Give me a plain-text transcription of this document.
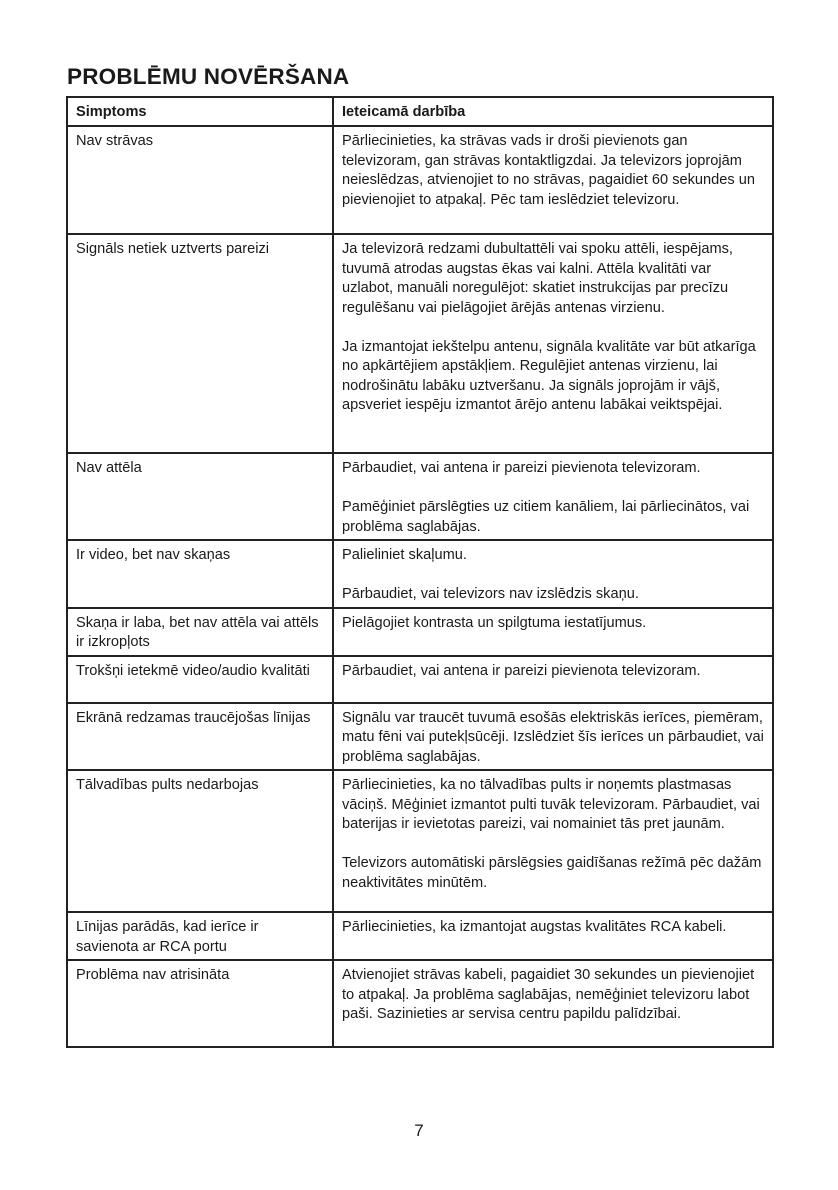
PROBLĒMU NOVĒRŠANA
Simptoms	Ieteicamā darbība
Nav strāvas	Pārliecinieties, ka strāvas vads ir droši pievienots gan televizoram, gan strāvas kontaktligzdai. Ja televizors joprojām neieslēdzas, atvienojiet to no strāvas, pagaidiet 60 sekundes un pievienojiet to atpakaļ. Pēc tam ieslēdziet televizoru.

Signāls netiek uztverts pareizi	Ja televizorā redzami dubultattēli vai spoku attēli, iespējams, tuvumā atrodas augstas ēkas vai kalni. Attēla kvalitāti var uzlabot, manuāli noregulējot: skatiet instrukcijas par precīzu regulēšanu vai pielāgojiet ārējās antenas virzienu.

Ja izmantojat iekštelpu antenu, signāla kvalitāte var būt atkarīga no apkārtējiem apstākļiem. Regulējiet antenas virzienu, lai nodrošinātu labāku uztveršanu. Ja signāls joprojām ir vājš, apsveriet iespēju izmantot ārējo antenu labākai veiktspējai.

Nav attēla	Pārbaudiet, vai antena ir pareizi pievienota televizoram.

Pamēģiniet pārslēgties uz citiem kanāliem, lai pārliecinātos, vai problēma saglabājas.

Ir video, bet nav skaņas	Palieliniet skaļumu.

Pārbaudiet, vai televizors nav izslēdzis skaņu.

Skaņa ir laba, bet nav attēla vai attēls ir izkropļots	Pielāgojiet kontrasta un spilgtuma iestatījumus.

Trokšņi ietekmē video/audio kvalitāti	Pārbaudiet, vai antena ir pareizi pievienota televizoram.

Ekrānā redzamas traucējošas līnijas	Signālu var traucēt tuvumā esošās elektriskās ierīces, piemēram, matu fēni vai putekļsūcēji. Izslēdziet šīs ierīces un pārbaudiet, vai problēma saglabājas.

Tālvadības pults nedarbojas	Pārliecinieties, ka no tālvadības pults ir noņemts plastmasas vāciņš. Mēģiniet izmantot pulti tuvāk televizoram. Pārbaudiet, vai baterijas ir ievietotas pareizi, vai nomainiet tās pret jaunām.

Televizors automātiski pārslēgsies gaidīšanas režīmā pēc dažām neaktivitātes minūtēm.

Līnijas parādās, kad ierīce ir savienota ar RCA portu	Pārliecinieties, ka izmantojat augstas kvalitātes RCA kabeli.

Problēma nav atrisināta	Atvienojiet strāvas kabeli, pagaidiet 30 sekundes un pievienojiet to atpakaļ. Ja problēma saglabājas, nemēģiniet televizoru labot paši. Sazinieties ar servisa centru papildu palīdzībai.

7
